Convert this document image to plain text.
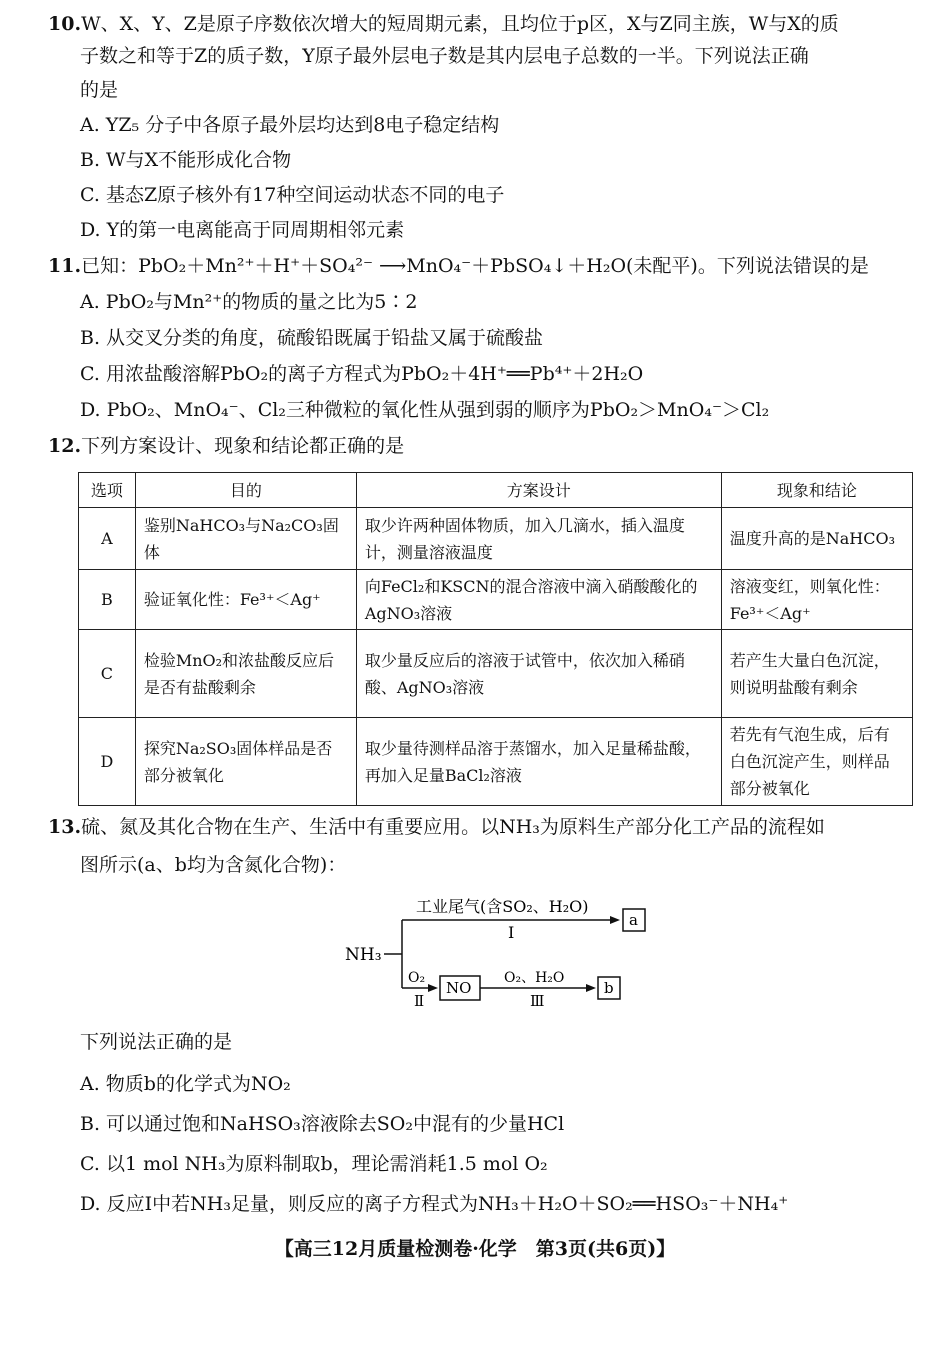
10.W、X、Y、Z是原子序数依次增大的短周期元素，且均位于p区，X与Z同主族，W与X的质
子数之和等于Z的质子数，Y原子最外层电子数是其内层电子总数的一半。下列说法正确
的是
A. YZ₅ 分子中各原子最外层均达到8电子稳定结构
B. W与X不能形成化合物
C. 基态Z原子核外有17种空间运动状态不同的电子
D. Y的第一电离能高于同周期相邻元素
11.已知：PbO₂＋Mn²⁺＋H⁺＋SO₄²⁻ ⟶MnO₄⁻＋PbSO₄↓＋H₂O(未配平)。下列说法错误的是
A. PbO₂与Mn²⁺的物质的量之比为5∶2
B. 从交叉分类的角度，硫酸铅既属于铅盐又属于硫酸盐
C. 用浓盐酸溶解PbO₂的离子方程式为PbO₂＋4H⁺══Pb⁴⁺＋2H₂O
D. PbO₂、MnO₄⁻、Cl₂三种微粒的氧化性从强到弱的顺序为PbO₂＞MnO₄⁻＞Cl₂
12.下列方案设计、现象和结论都正确的是
选项	目的	方案设计	现象和结论
A	鉴别NaHCO₃与Na₂CO₃固体	取少许两种固体物质，加入几滴水，插入温度计，测量溶液温度	温度升高的是NaHCO₃
B	验证氧化性：Fe³⁺＜Ag⁺	向FeCl₂和KSCN的混合溶液中滴入硝酸酸化的AgNO₃溶液	溶液变红，则氧化性：Fe³⁺＜Ag⁺
C	检验MnO₂和浓盐酸反应后是否有盐酸剩余	取少量反应后的溶液于试管中，依次加入稀硝酸、AgNO₃溶液	若产生大量白色沉淀，则说明盐酸有剩余
D	探究Na₂SO₃固体样品是否部分被氧化	取少量待测样品溶于蒸馏水，加入足量稀盐酸，再加入足量BaCl₂溶液	若先有气泡生成，后有白色沉淀产生，则样品部分被氧化
13.硫、氮及其化合物在生产、生活中有重要应用。以NH₃为原料生产部分化工产品的流程如
图所示(a、b均为含氮化合物)：
NH₃
工业尾气(含SO₂、H₂O)
Ⅰ
a
O₂
Ⅱ
NO
O₂、H₂O
Ⅲ
b
下列说法正确的是
A. 物质b的化学式为NO₂
B. 可以通过饱和NaHSO₃溶液除去SO₂中混有的少量HCl
C. 以1 mol NH₃为原料制取b，理论需消耗1.5 mol O₂
D. 反应Ⅰ中若NH₃足量，则反应的离子方程式为NH₃＋H₂O＋SO₂══HSO₃⁻＋NH₄⁺
【高三12月质量检测卷·化学　第3页(共6页)】
